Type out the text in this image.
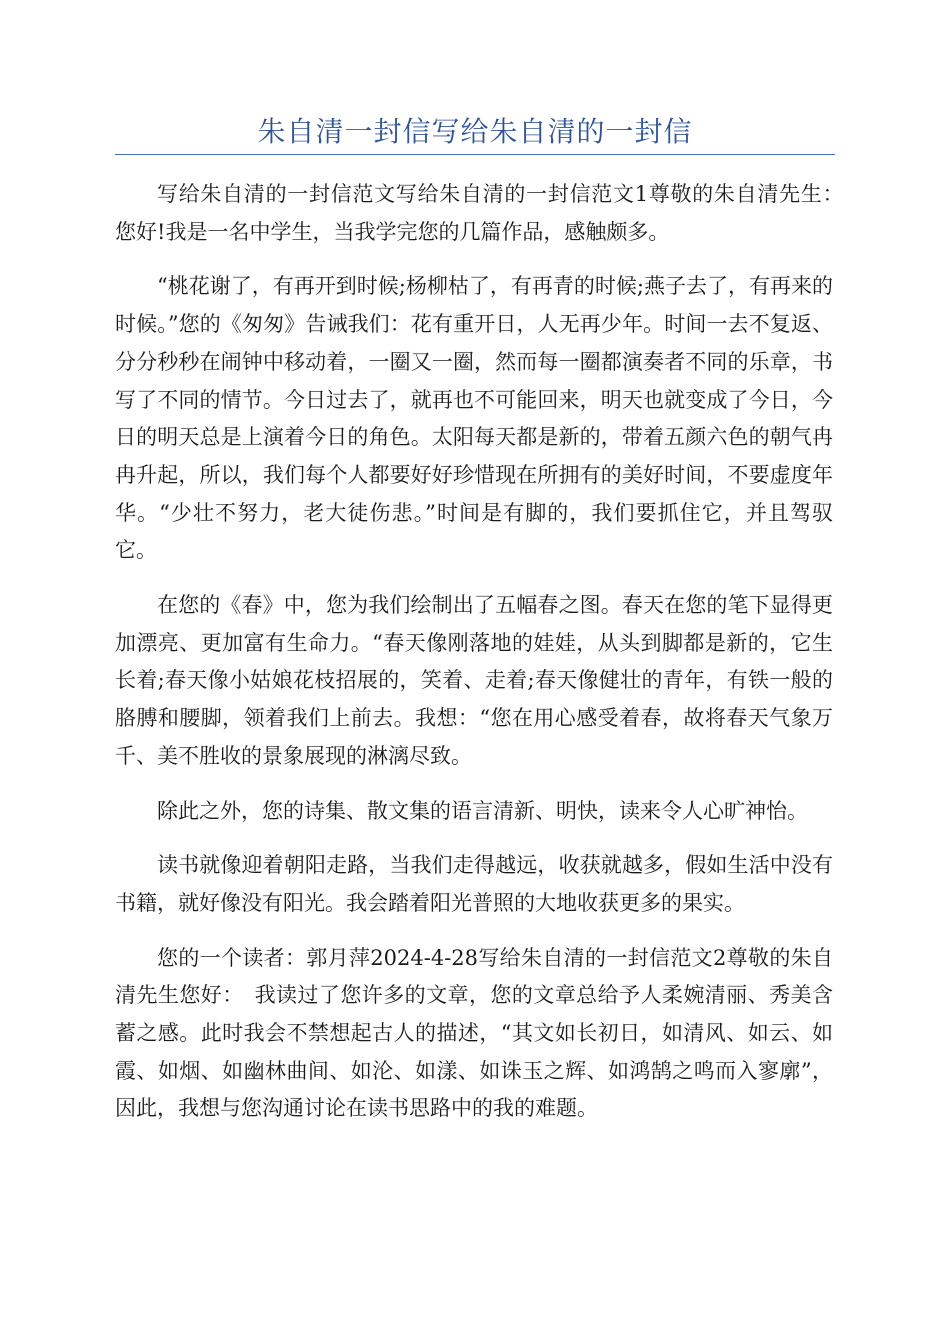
朱自清一封信写给朱自清的一封信

写给朱自清的一封信范文写给朱自清的一封信范文1尊敬的朱自清先生：　您好!我是一名中学生，当我学完您的几篇作品，感触颇多。

“桃花谢了，有再开到时候;杨柳枯了，有再青的时候;燕子去了，有再来的时候。”您的《匆匆》告诫我们：花有重开日，人无再少年。时间一去不复返、分分秒秒在闹钟中移动着，一圈又一圈，然而每一圈都演奏者不同的乐章，书写了不同的情节。今日过去了，就再也不可能回来，明天也就变成了今日，今日的明天总是上演着今日的角色。太阳每天都是新的，带着五颜六色的朝气冉冉升起，所以，我们每个人都要好好珍惜现在所拥有的美好时间，不要虚度年华。“少壮不努力，老大徒伤悲。”时间是有脚的，我们要抓住它，并且驾驭它。

在您的《春》中，您为我们绘制出了五幅春之图。春天在您的笔下显得更加漂亮、更加富有生命力。“春天像刚落地的娃娃，从头到脚都是新的，它生长着;春天像小姑娘花枝招展的，笑着、走着;春天像健壮的青年，有铁一般的胳膊和腰脚，领着我们上前去。我想：“您在用心感受着春，故将春天气象万千、美不胜收的景象展现的淋漓尽致。

除此之外，您的诗集、散文集的语言清新、明快，读来令人心旷神怡。

读书就像迎着朝阳走路，当我们走得越远，收获就越多，假如生活中没有书籍，就好像没有阳光。我会踏着阳光普照的大地收获更多的果实。

您的一个读者：郭月萍2024-4-28写给朱自清的一封信范文2尊敬的朱自清先生您好：　我读过了您许多的文章，您的文章总给予人柔婉清丽、秀美含蓄之感。此时我会不禁想起古人的描述，“其文如长初日，如清风、如云、如霞、如烟、如幽林曲间、如沦、如漾、如诛玉之辉、如鸿鹄之鸣而入寥廓”，因此，我想与您沟通讨论在读书思路中的我的难题。
